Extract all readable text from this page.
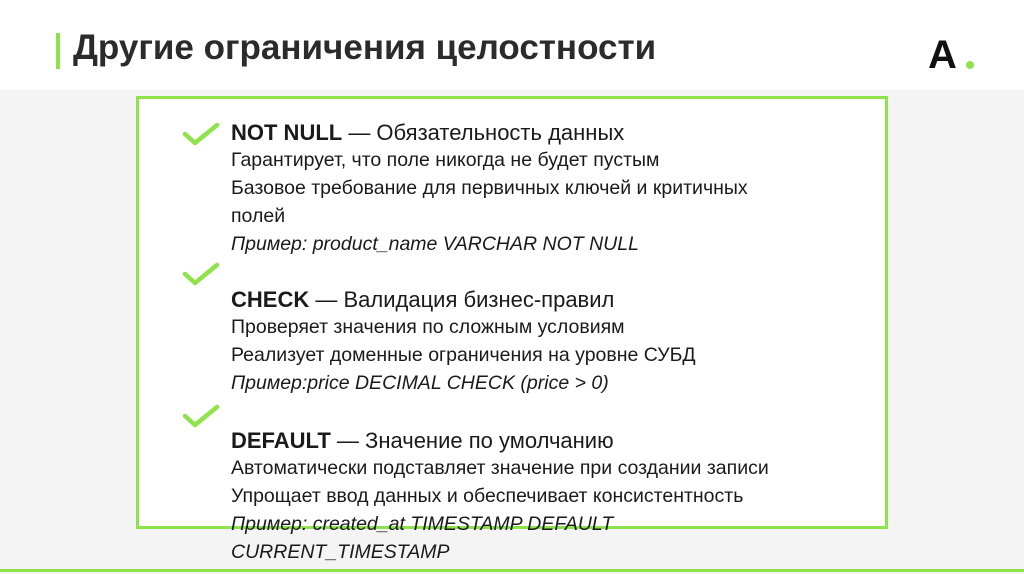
Другие ограничения целостности	A
NOT NULL — Обязательность данных
Гарантирует, что поле никогда не будет пустым
Базовое требование для первичных ключей и критичных
полей
Пример: product_name VARCHAR NOT NULL
CHECK — Валидация бизнес-правил
Проверяет значения по сложным условиям
Реализует доменные ограничения на уровне СУБД
Пример:price DECIMAL CHECK (price > 0)
DEFAULT — Значение по умолчанию
Автоматически подставляет значение при создании записи
Упрощает ввод данных и обеспечивает консистентность
Пример: created_at TIMESTAMP DEFAULT
CURRENT_TIMESTAMP
